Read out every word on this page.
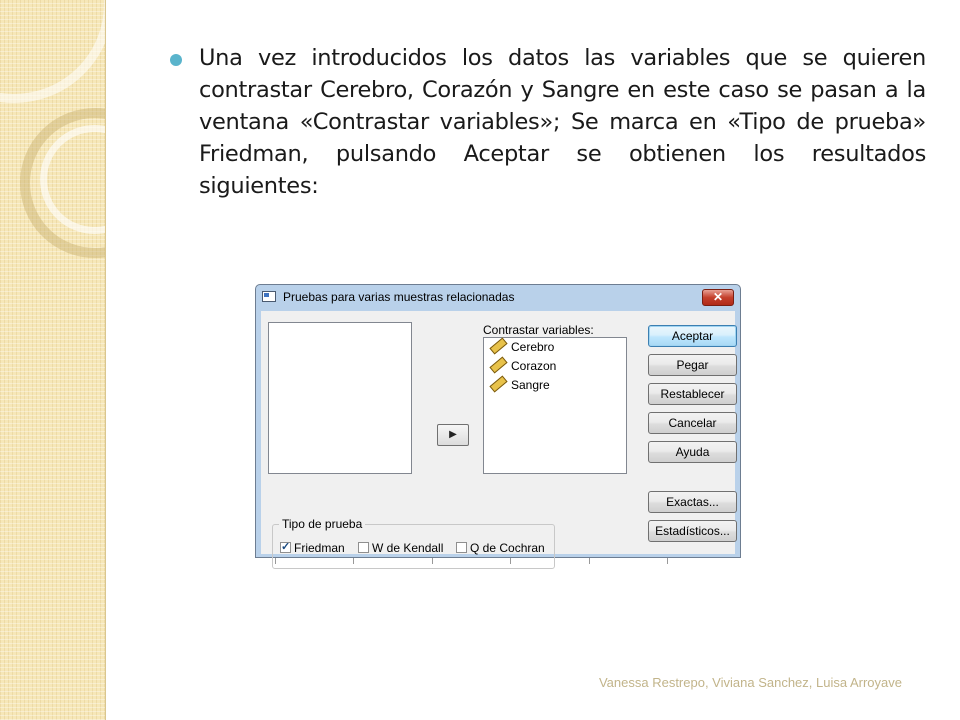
Una vez introducidos los datos las variables que se quieren contrastar Cerebro, Corazón y Sangre en este caso se pasan a la ventana «Contrastar variables»; Se marca en «Tipo de prueba» Friedman, pulsando Aceptar se obtienen los resultados siguientes:

Pruebas para varias muestras relacionadas	✕
▶
Contrastar variables:
Cerebro
Corazon
Sangre
Aceptar
Pegar
Restablecer
Cancelar
Ayuda
Exactas...
Estadísticos...
Tipo de prueba
✓ Friedman	W de Kendall	Q de Cochran
Vanessa Restrepo, Viviana Sanchez, Luisa Arroyave
